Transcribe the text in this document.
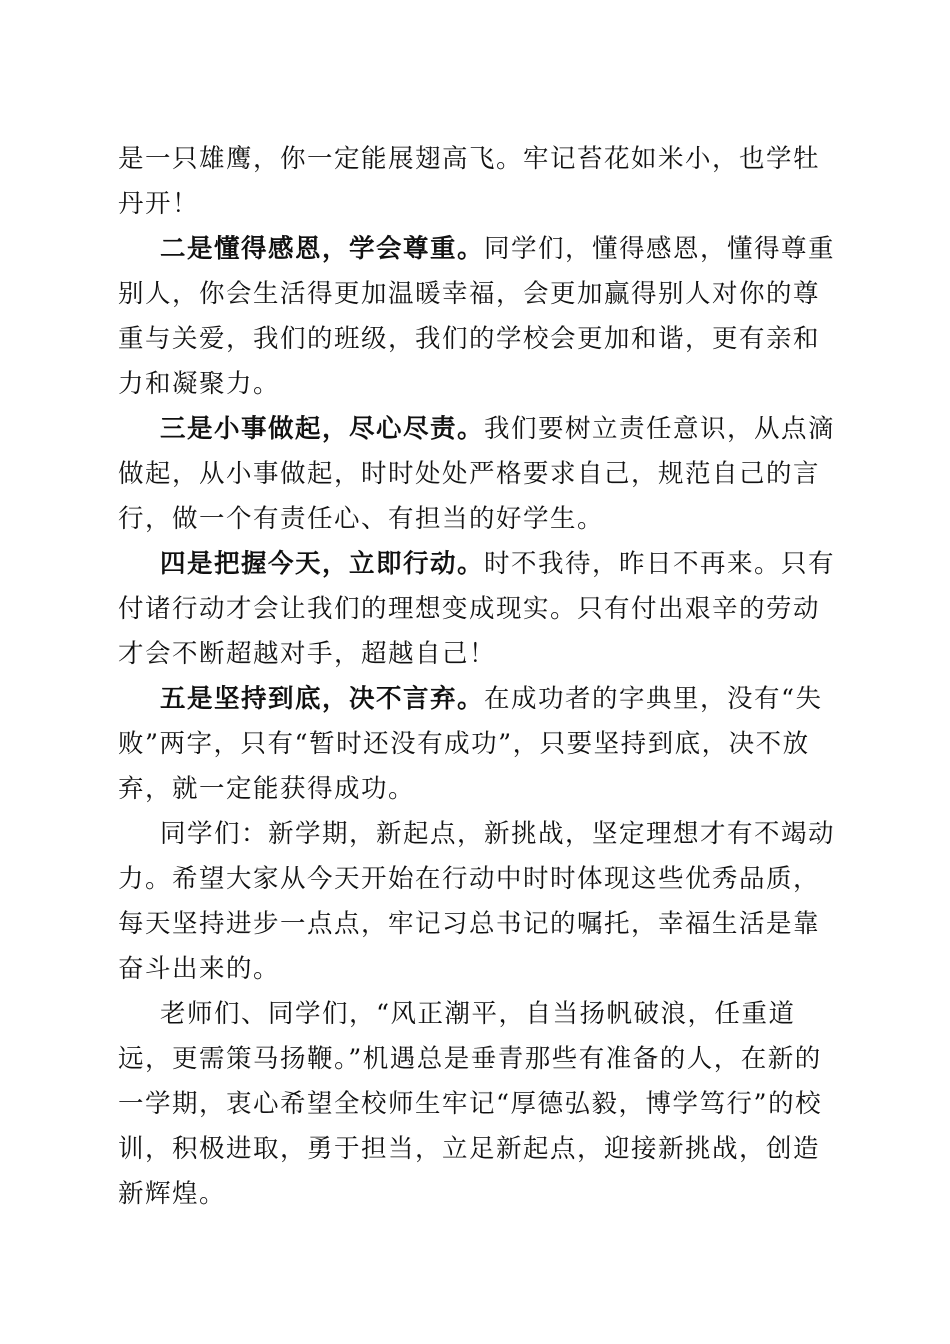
是一只雄鹰，你一定能展翅高飞。牢记苔花如米小，也学牡丹开！

二是懂得感恩，学会尊重。同学们，懂得感恩，懂得尊重别人，你会生活得更加温暖幸福，会更加赢得别人对你的尊重与关爱，我们的班级，我们的学校会更加和谐，更有亲和力和凝聚力。

三是小事做起，尽心尽责。我们要树立责任意识，从点滴做起，从小事做起，时时处处严格要求自己，规范自己的言行，做一个有责任心、有担当的好学生。

四是把握今天，立即行动。时不我待，昨日不再来。只有付诸行动才会让我们的理想变成现实。只有付出艰辛的劳动才会不断超越对手，超越自己！

五是坚持到底，决不言弃。在成功者的字典里，没有“失败”两字，只有“暂时还没有成功”，只要坚持到底，决不放弃，就一定能获得成功。

同学们：新学期，新起点，新挑战，坚定理想才有不竭动力。希望大家从今天开始在行动中时时体现这些优秀品质，每天坚持进步一点点，牢记习总书记的嘱托，幸福生活是靠奋斗出来的。

老师们、同学们，“风正潮平，自当扬帆破浪，任重道远，更需策马扬鞭。”机遇总是垂青那些有准备的人，在新的一学期，衷心希望全校师生牢记“厚德弘毅，博学笃行”的校训，积极进取，勇于担当，立足新起点，迎接新挑战，创造新辉煌。
